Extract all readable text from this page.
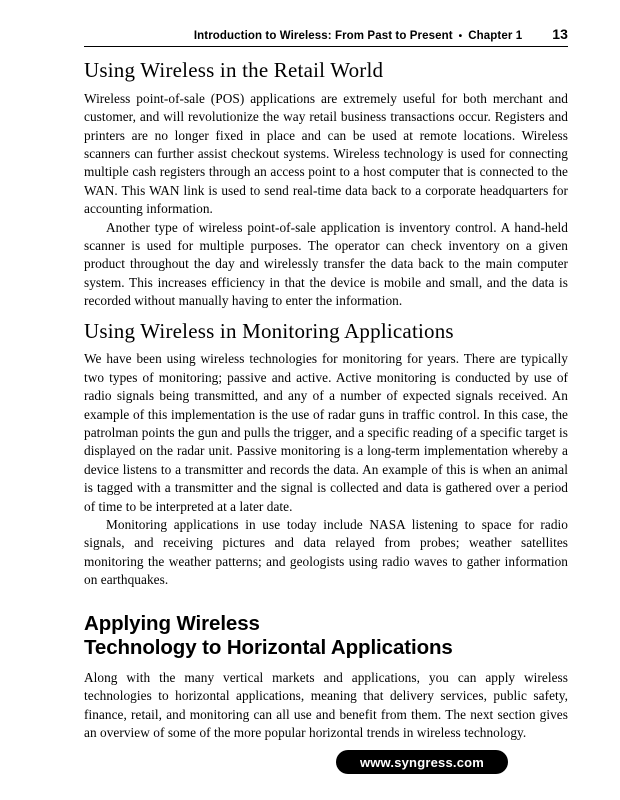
Introduction to Wireless: From Past to Present • Chapter 1 13
Using Wireless in the Retail World

Wireless point-of-sale (POS) applications are extremely useful for both merchant and customer, and will revolutionize the way retail business transactions occur. Registers and printers are no longer fixed in place and can be used at remote locations. Wireless scanners can further assist checkout systems. Wireless technology is used for connecting multiple cash registers through an access point to a host computer that is connected to the WAN. This WAN link is used to send real-time data back to a corporate headquarters for accounting information.

Another type of wireless point-of-sale application is inventory control. A hand-held scanner is used for multiple purposes. The operator can check inventory on a given product throughout the day and wirelessly transfer the data back to the main computer system. This increases efficiency in that the device is mobile and small, and the data is recorded without manually having to enter the information.

Using Wireless in Monitoring Applications

We have been using wireless technologies for monitoring for years. There are typically two types of monitoring; passive and active. Active monitoring is conducted by use of radio signals being transmitted, and any of a number of expected signals received. An example of this implementation is the use of radar guns in traffic control. In this case, the patrolman points the gun and pulls the trigger, and a specific reading of a specific target is displayed on the radar unit. Passive monitoring is a long-term implementation whereby a device listens to a transmitter and records the data. An example of this is when an animal is tagged with a transmitter and the signal is collected and data is gathered over a period of time to be interpreted at a later date.

Monitoring applications in use today include NASA listening to space for radio signals, and receiving pictures and data relayed from probes; weather satellites monitoring the weather patterns; and geologists using radio waves to gather information on earthquakes.

Applying Wireless
Technology to Horizontal Applications

Along with the many vertical markets and applications, you can apply wireless technologies to horizontal applications, meaning that delivery services, public safety, finance, retail, and monitoring can all use and benefit from them. The next section gives an overview of some of the more popular horizontal trends in wireless technology.

www.syngress.com
